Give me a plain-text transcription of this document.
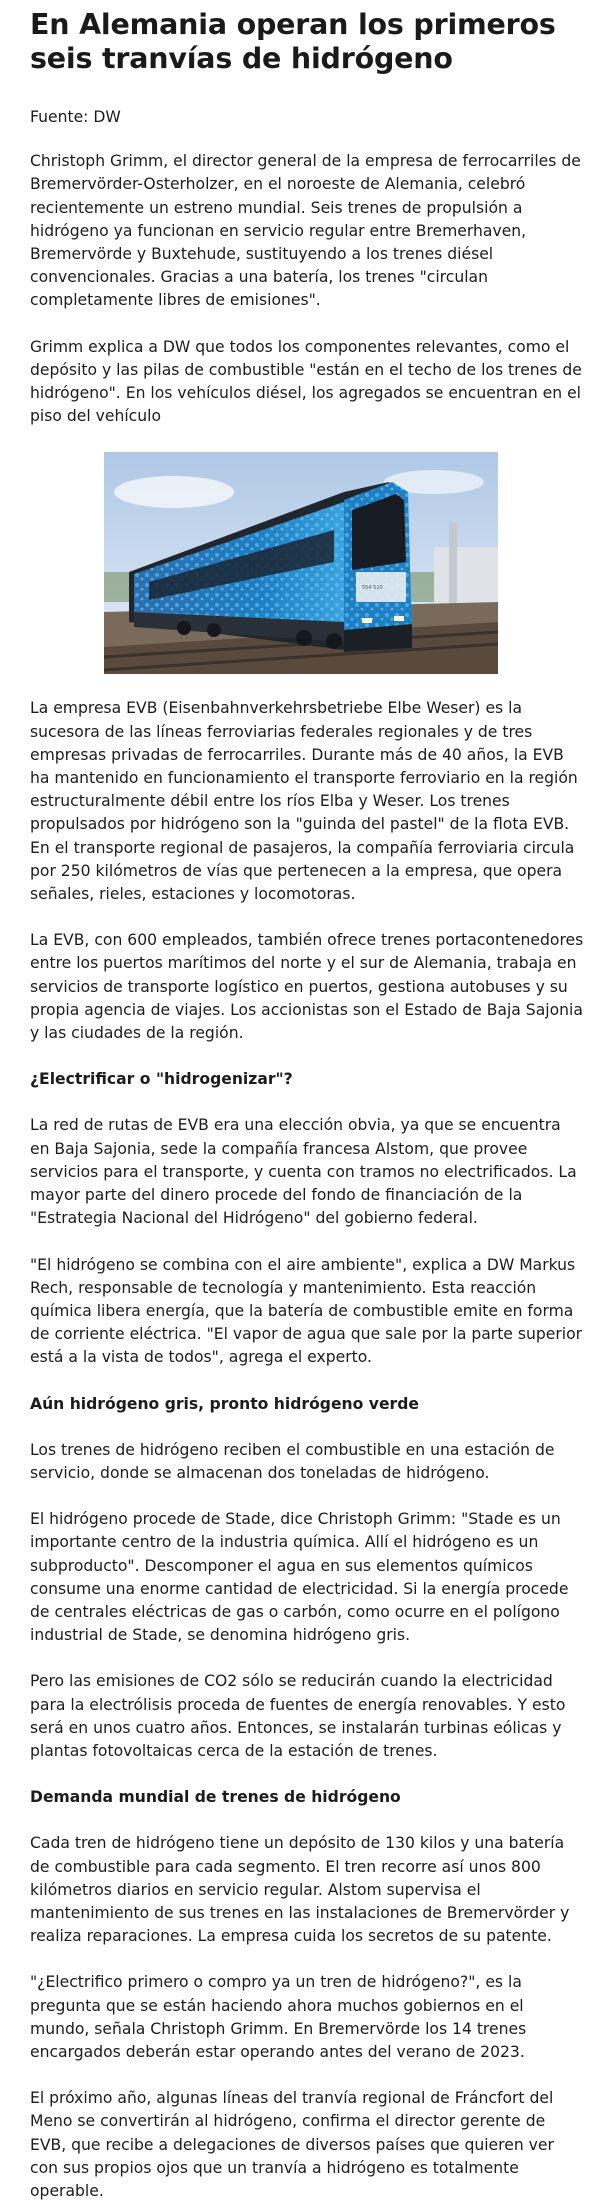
En Alemania operan los primeros seis tranvías de hidrógeno

Fuente: DW

Christoph Grimm, el director general de la empresa de ferrocarriles de Bremervörder-Osterholzer, en el noroeste de Alemania, celebró recientemente un estreno mundial. Seis trenes de propulsión a hidrógeno ya funcionan en servicio regular entre Bremerhaven, Bremervörde y Buxtehude, sustituyendo a los trenes diésel convencionales. Gracias a una batería, los trenes "circulan completamente libres de emisiones".

Grimm explica a DW que todos los componentes relevantes, como el depósito y las pilas de combustible "están en el techo de los trenes de hidrógeno". En los vehículos diésel, los agregados se encuentran en el piso del vehículo

554 510

La empresa EVB (Eisenbahnverkehrsbetriebe Elbe Weser) es la sucesora de las líneas ferroviarias federales regionales y de tres empresas privadas de ferrocarriles. Durante más de 40 años, la EVB ha mantenido en funcionamiento el transporte ferroviario en la región estructuralmente débil entre los ríos Elba y Weser. Los trenes propulsados por hidrógeno son la "guinda del pastel" de la flota EVB. En el transporte regional de pasajeros, la compañía ferroviaria circula por 250 kilómetros de vías que pertenecen a la empresa, que opera señales, rieles, estaciones y locomotoras.

La EVB, con 600 empleados, también ofrece trenes portacontenedores entre los puertos marítimos del norte y el sur de Alemania, trabaja en servicios de transporte logístico en puertos, gestiona autobuses y su propia agencia de viajes. Los accionistas son el Estado de Baja Sajonia y las ciudades de la región.

¿Electrificar o "hidrogenizar"?

La red de rutas de EVB era una elección obvia, ya que se encuentra en Baja Sajonia, sede la compañía francesa Alstom, que provee servicios para el transporte, y cuenta con tramos no electrificados. La mayor parte del dinero procede del fondo de financiación de la "Estrategia Nacional del Hidrógeno" del gobierno federal.

"El hidrógeno se combina con el aire ambiente", explica a DW Markus Rech, responsable de tecnología y mantenimiento. Esta reacción química libera energía, que la batería de combustible emite en forma de corriente eléctrica. "El vapor de agua que sale por la parte superior está a la vista de todos", agrega el experto.

Aún hidrógeno gris, pronto hidrógeno verde

Los trenes de hidrógeno reciben el combustible en una estación de servicio, donde se almacenan dos toneladas de hidrógeno.

El hidrógeno procede de Stade, dice Christoph Grimm: "Stade es un importante centro de la industria química. Allí el hidrógeno es un subproducto". Descomponer el agua en sus elementos químicos consume una enorme cantidad de electricidad. Si la energía procede de centrales eléctricas de gas o carbón, como ocurre en el polígono industrial de Stade, se denomina hidrógeno gris.

Pero las emisiones de CO2 sólo se reducirán cuando la electricidad para la electrólisis proceda de fuentes de energía renovables. Y esto será en unos cuatro años. Entonces, se instalarán turbinas eólicas y plantas fotovoltaicas cerca de la estación de trenes.

Demanda mundial de trenes de hidrógeno

Cada tren de hidrógeno tiene un depósito de 130 kilos y una batería de combustible para cada segmento. El tren recorre así unos 800 kilómetros diarios en servicio regular. Alstom supervisa el mantenimiento de sus trenes en las instalaciones de Bremervörder y realiza reparaciones. La empresa cuida los secretos de su patente.

"¿Electrifico primero o compro ya un tren de hidrógeno?", es la pregunta que se están haciendo ahora muchos gobiernos en el mundo, señala Christoph Grimm. En Bremervörde los 14 trenes encargados deberán estar operando antes del verano de 2023.

El próximo año, algunas líneas del tranvía regional de Fráncfort del Meno se convertirán al hidrógeno, confirma el director gerente de EVB, que recibe a delegaciones de diversos países que quieren ver con sus propios ojos que un tranvía a hidrógeno es totalmente operable.
